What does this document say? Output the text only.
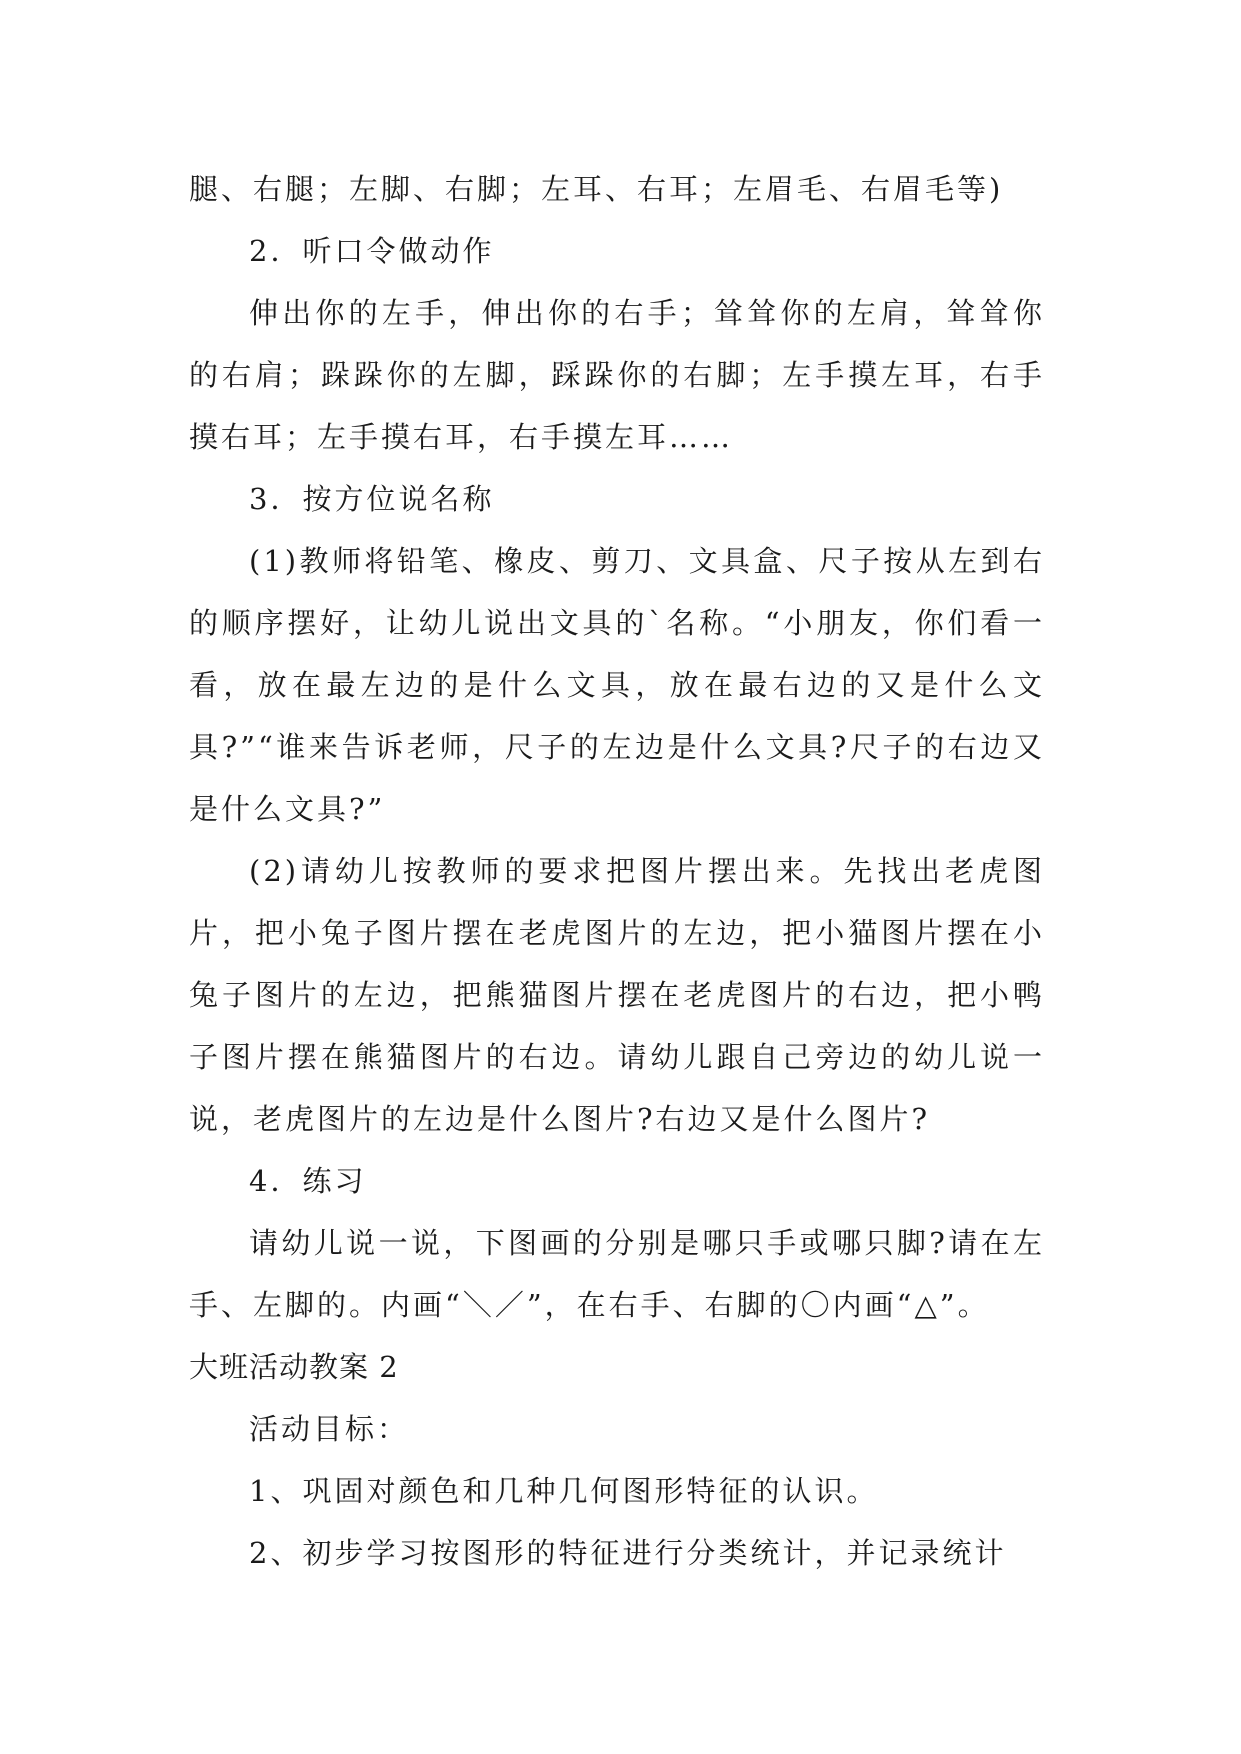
腿、右腿；左脚、右脚；左耳、右耳；左眉毛、右眉毛等)

2．听口令做动作

伸出你的左手，伸出你的右手；耸耸你的左肩，耸耸你的右肩；跺跺你的左脚，踩跺你的右脚；左手摸左耳，右手摸右耳；左手摸右耳，右手摸左耳……

3．按方位说名称

(1)教师将铅笔、橡皮、剪刀、文具盒、尺子按从左到右的顺序摆好，让幼儿说出文具的`名称。“小朋友，你们看一看，放在最左边的是什么文具，放在最右边的又是什么文具?”“谁来告诉老师，尺子的左边是什么文具?尺子的右边又是什么文具?”

(2)请幼儿按教师的要求把图片摆出来。先找出老虎图片，把小兔子图片摆在老虎图片的左边，把小猫图片摆在小兔子图片的左边，把熊猫图片摆在老虎图片的右边，把小鸭子图片摆在熊猫图片的右边。请幼儿跟自己旁边的幼儿说一说，老虎图片的左边是什么图片?右边又是什么图片?

4．练习

请幼儿说一说，下图画的分别是哪只手或哪只脚?请在左手、左脚的。内画“＼／”，在右手、右脚的〇内画“△”。

大班活动教案 2

活动目标：

1、巩固对颜色和几种几何图形特征的认识。

2、初步学习按图形的特征进行分类统计，并记录统计
